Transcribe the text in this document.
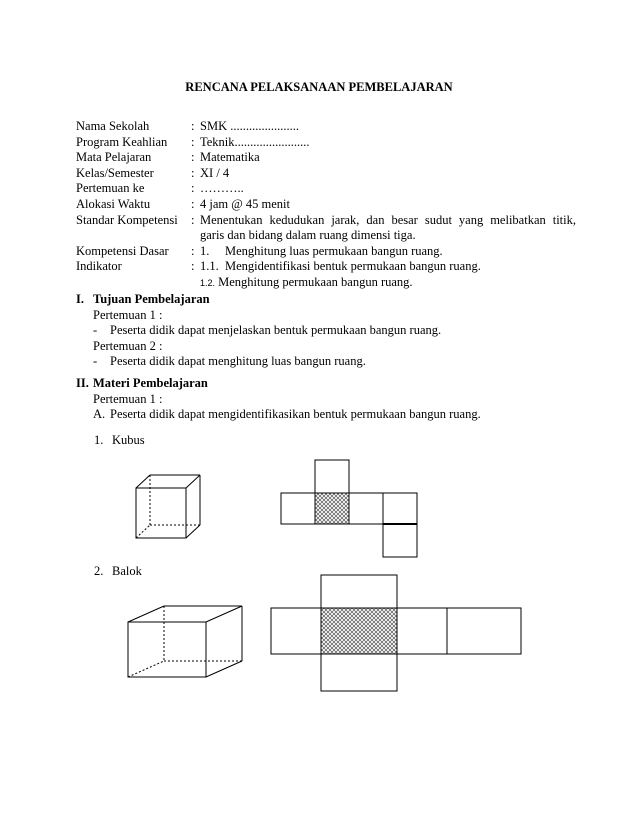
RENCANA PELAKSANAAN PEMBELAJARAN
Nama Sekolah	: SMK ......................
Program Keahlian	: Teknik........................
Mata Pelajaran	: Matematika
Kelas/Semester	: XI / 4
Pertemuan ke	: ………..
Alokasi Waktu	: 4 jam @ 45 menit
Standar Kompetensi	: Menentukan kedudukan jarak, dan besar sudut yang melibatkan titik,
garis dan bidang dalam ruang dimensi tiga.
Kompetensi Dasar	: 1.     Menghitung luas permukaan bangun ruang.
Indikator	: 1.1.  Mengidentifikasi bentuk permukaan bangun ruang.
1.2. Menghitung permukaan bangun ruang.
I. Tujuan Pembelajaran
Pertemuan 1 :
-	Peserta didik dapat menjelaskan bentuk permukaan bangun ruang.
Pertemuan 2 :
-	Peserta didik dapat menghitung luas bangun ruang.
II. Materi Pembelajaran
Pertemuan 1 :
A. Peserta didik dapat mengidentifikasikan bentuk permukaan bangun ruang.
1. Kubus
2. Balok
